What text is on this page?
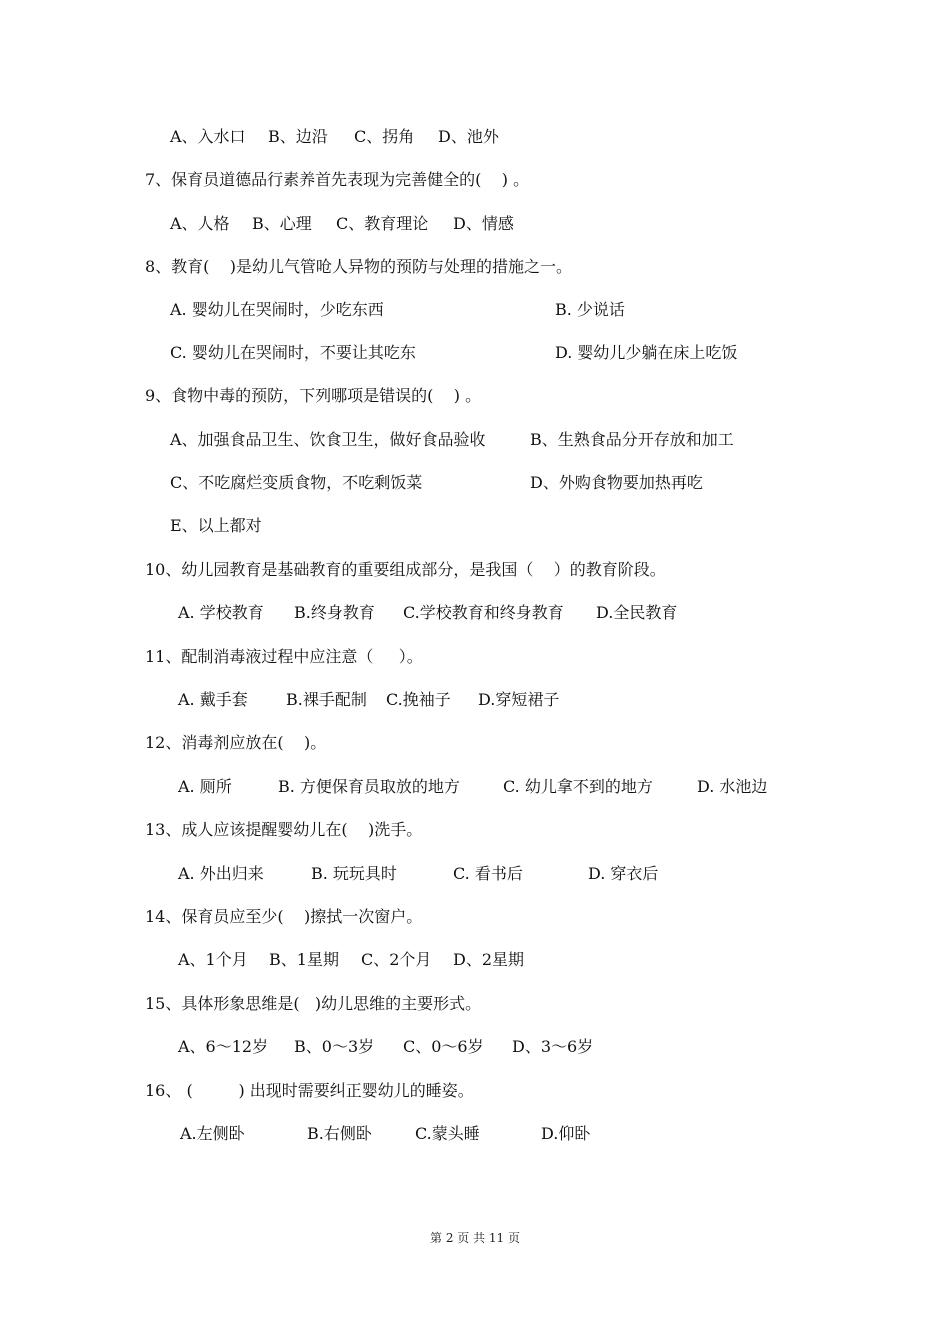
A、入水口 B、边沿 C、拐角 D、池外
7、保育员道德品行素养首先表现为完善健全的(    ) 。
A、人格 B、心理 C、教育理论 D、情感
8、教育(    )是幼儿气管呛人异物的预防与处理的措施之一。
A. 婴幼儿在哭闹时，少吃东西	B. 少说话
C. 婴幼儿在哭闹时，不要让其吃东	D. 婴幼儿少躺在床上吃饭
9、食物中毒的预防，下列哪项是错误的(    ) 。
A、加强食品卫生、饮食卫生，做好食品验收	B、生熟食品分开存放和加工
C、不吃腐烂变质食物，不吃剩饭菜	D、外购食物要加热再吃
E、以上都对
10、幼儿园教育是基础教育的重要组成部分，是我国（    ）的教育阶段。
A. 学校教育 B.终身教育 C.学校教育和终身教育 D.全民教育
11、配制消毒液过程中应注意（     ）。
A. 戴手套 B.裸手配制 C.挽袖子 D.穿短裙子
12、消毒剂应放在(    )。
A. 厕所	B. 方便保育员取放的地方	C. 幼儿拿不到的地方	D. 水池边
13、成人应该提醒婴幼儿在(    )洗手。
A. 外出归来	B. 玩玩具时	C. 看书后	D. 穿衣后
14、保育员应至少(    )擦拭一次窗户。
A、1个月 B、1星期 C、2个月 D、2星期
15、具体形象思维是(   )幼儿思维的主要形式。
A、6～12岁 B、0～3岁 C、0～6岁 D、3～6岁
16、 (         ) 出现时需要纠正婴幼儿的睡姿。
A.左侧卧	B.右侧卧	C.蒙头睡	D.仰卧
第 2 页 共 11 页
